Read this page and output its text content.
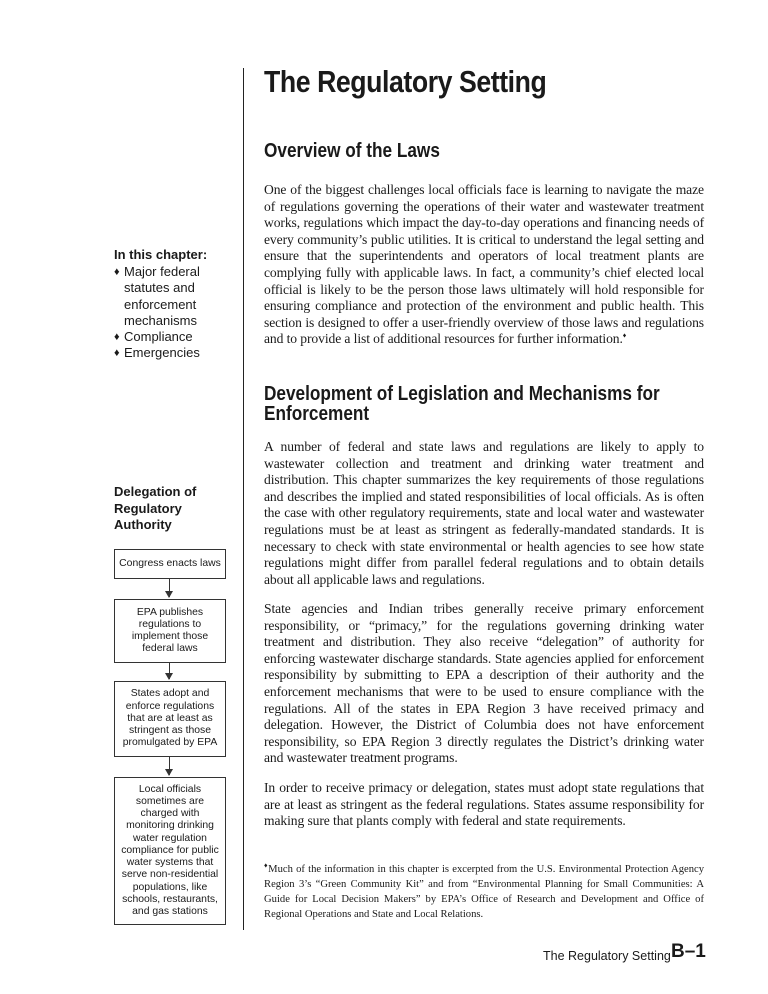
The Regulatory Setting
Overview of the Laws

One of the biggest challenges local officials face is learning to navigate the maze of regulations governing the operations of their water and wastewater treatment works, regulations which impact the day-to-day operations and financing needs of every community’s public utilities. It is critical to understand the legal setting and ensure that the superintendents and operators of local treatment plants are complying fully with applicable laws. In fact, a community’s chief elected local official is likely to be the person those laws ultimately will hold responsible for ensuring compliance and protection of the environment and public health. This section is designed to offer a user-friendly overview of those laws and regulations and to provide a list of additional resources for further information.♦

Development of Legislation and Mechanisms for
Enforcement

A number of federal and state laws and regulations are likely to apply to wastewater collection and treatment and drinking water treatment and distribution. This chapter summarizes the key requirements of those regulations and describes the implied and stated responsibilities of local officials. As is often the case with other regulatory requirements, state and local water and wastewater regulations must be at least as stringent as federally-mandated standards. It is necessary to check with state environmental or health agencies to see how state regulations might differ from parallel federal regulations and to obtain details about all applicable laws and regulations.

State agencies and Indian tribes generally receive primary enforcement responsibility, or “primacy,” for the regulations governing drinking water treatment and distribution. They also receive “delegation” of authority for enforcing wastewater discharge standards. State agencies applied for enforcement responsibility by submitting to EPA a description of their authority and the enforcement mechanisms that were to be used to ensure compliance with the regulations. All of the states in EPA Region 3 have received primacy and delegation. However, the District of Columbia does not have enforcement responsibility, so EPA Region 3 directly regulates the District’s drinking water and wastewater treatment programs.

In order to receive primacy or delegation, states must adopt state regulations that are at least as stringent as the federal regulations. States assume responsibility for making sure that plants comply with federal and state requirements.

♦Much of the information in this chapter is excerpted from the U.S. Environmental Protection Agency Region 3’s “Green Community Kit” and from “Environmental Planning for Small Communities: A Guide for Local Decision Makers” by EPA’s Office of Research and Development and Office of Regional Operations and State and Local Relations.

In this chapter:
♦ Major federal
statutes and
enforcement
mechanisms
♦ Compliance
♦ Emergencies
Delegation of
Regulatory
Authority
Congress enacts laws
EPA publishes regulations to implement those federal laws
States adopt and enforce regulations that are at least as stringent as those promulgated by EPA
Local officials sometimes are charged with monitoring drinking water regulation compliance for public water systems that serve non-residential populations, like schools, restaurants, and gas stations
The Regulatory Setting B–1
